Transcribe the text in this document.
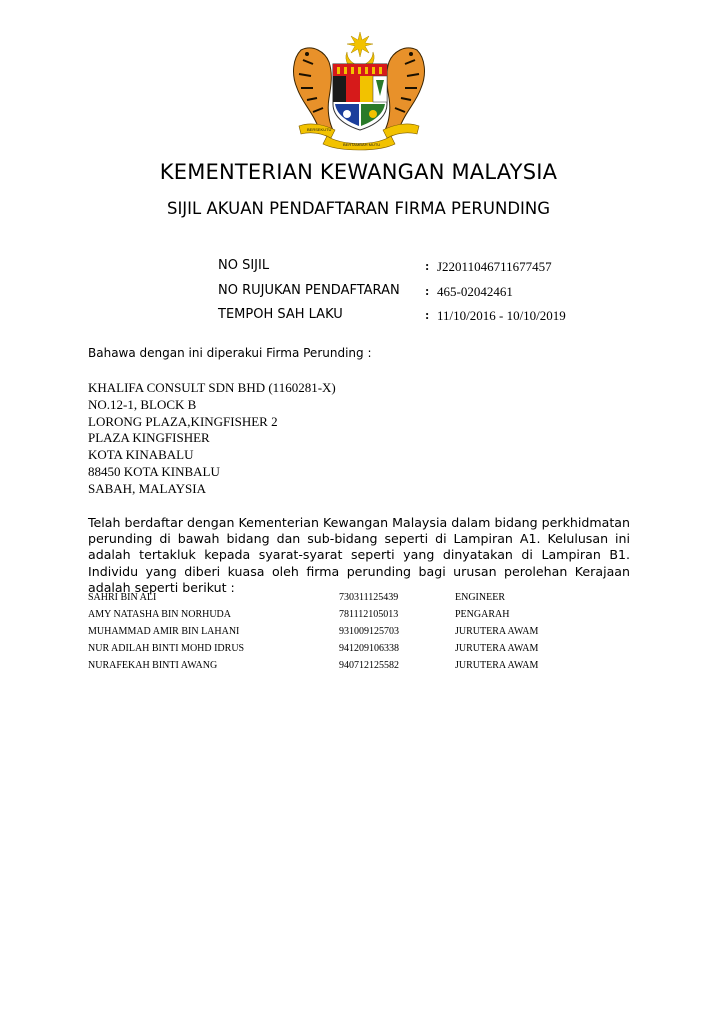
BERSEKUTU
BERTAMBAH MUTU
KEMENTERIAN KEWANGAN MALAYSIA
SIJIL AKUAN PENDAFTARAN FIRMA PERUNDING
NO SIJIL	: J22011046711677457
NO RUJUKAN PENDAFTARAN : 465-02042461
TEMPOH SAH LAKU	: 11/10/2016 - 10/10/2019
Bahawa dengan ini diperakui Firma Perunding :
KHALIFA CONSULT SDN BHD (1160281-X)
NO.12-1, BLOCK B
LORONG PLAZA,KINGFISHER 2
PLAZA KINGFISHER
KOTA KINABALU
88450 KOTA KINBALU
SABAH, MALAYSIA
Telah berdaftar dengan Kementerian Kewangan Malaysia dalam bidang perkhidmatan perunding di bawah bidang dan sub-bidang seperti di Lampiran A1. Kelulusan ini adalah tertakluk kepada syarat-syarat seperti yang dinyatakan di Lampiran B1. Individu yang diberi kuasa oleh firma perunding bagi urusan perolehan Kerajaan adalah seperti berikut :
SAHRI BIN ALI	730311125439	ENGINEER
AMY NATASHA BIN NORHUDA	781112105013	PENGARAH
MUHAMMAD AMIR BIN LAHANI	931009125703	JURUTERA AWAM
NUR ADILAH BINTI MOHD IDRUS	941209106338	JURUTERA AWAM
NURAFEKAH BINTI AWANG	940712125582	JURUTERA AWAM
